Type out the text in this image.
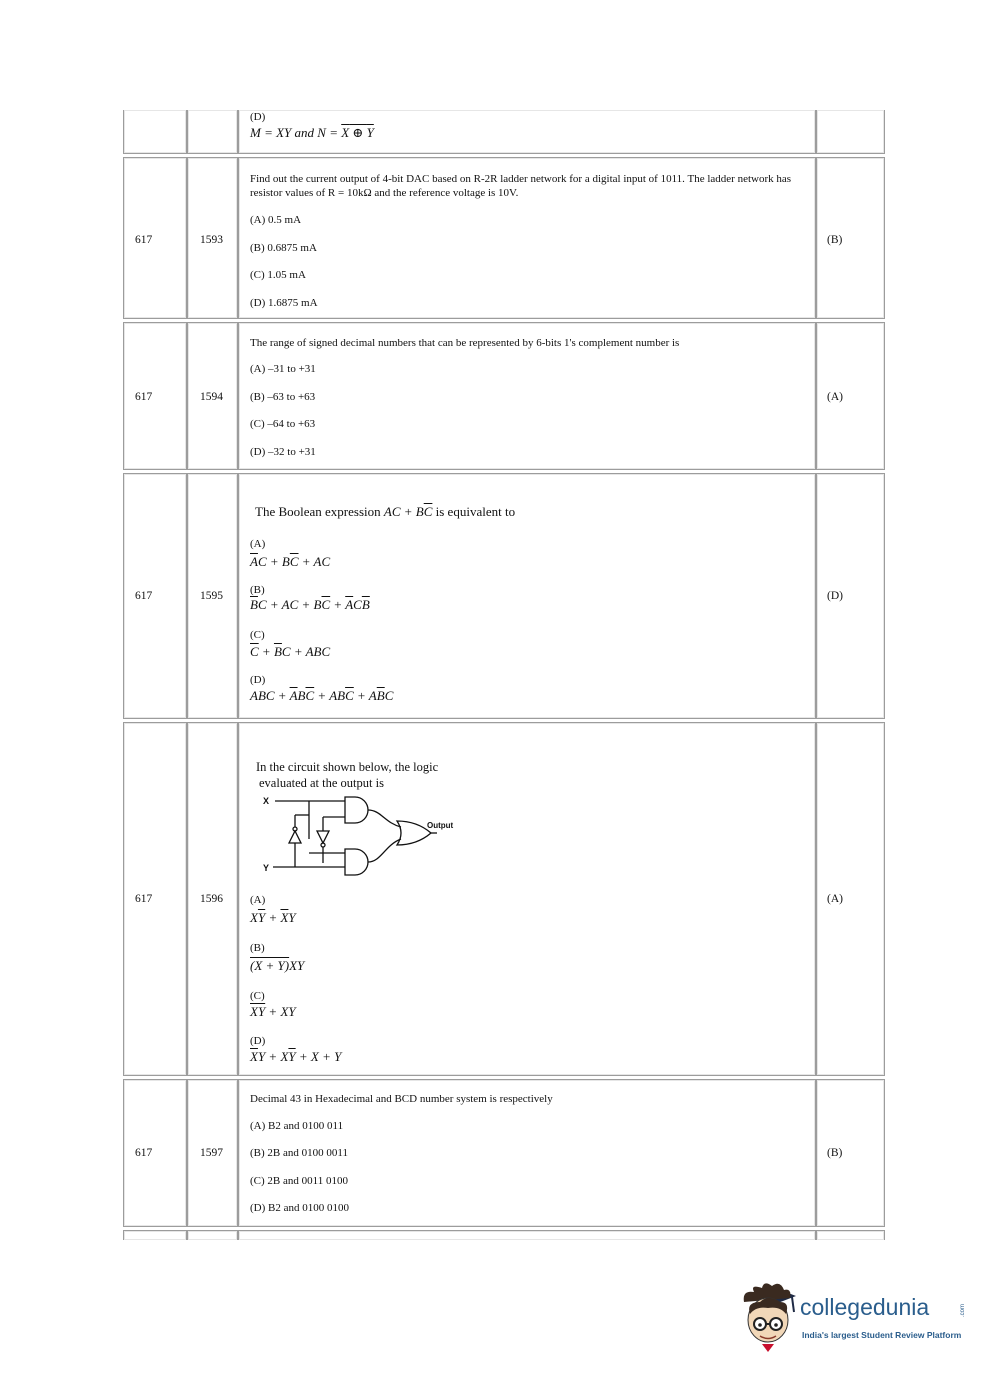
(D)
M = XY and $N = \overline{X}$ ⊕ $\overline{Y}$
617	1593
Find out the current output of 4-bit DAC based on R-2R ladder network for a digital input of 1011. The ladder network has resistor values of R = 10kΩ and the reference voltage is 10V.
(A) 0.5 mA
(B) 0.6875 mA
(C) 1.05 mA
(D) 1.6875 mA
(B)
617	1594
The range of signed decimal numbers that can be represented by 6-bits 1's complement number is
(A) –31 to +31
(B) –63 to +63
(C) –64 to +63
(D) –32 to +31
(A)
617	1595
The Boolean expression AC + $B\overline{C}$ is equivalent to
(A)
$\overline{A}C + B\overline{C}$ + AC
(B)
$\overline{B}C$ + AC + $B\overline{C} + \overline{A}C\overline{B}$
(C)
$\overline{C} + \overline{B}C$ + ABC
(D)
ABC + $\overline{A}B\overline{C} + AB\overline{C} + A\overline{B}C$
(D)
617	1596
In the circuit shown below, the logic
evaluated at the output is
X
Y
Output
(A)
$X\overline{Y} + \overline{X}Y$
(B)
(X + Y)XY
(C)
$\overline{XY}$ + XY
(D)
$\overline{X}Y + X\overline{Y} + X + Y$
(A)
617	1597
Decimal 43 in Hexadecimal and BCD number system is respectively
(A) B2 and 0100 011
(B) 2B and 0100 0011
(C) 2B and 0011 0100
(D) B2 and 0100 0100
(B)
collegedunia	.com
India's largest Student Review Platform
